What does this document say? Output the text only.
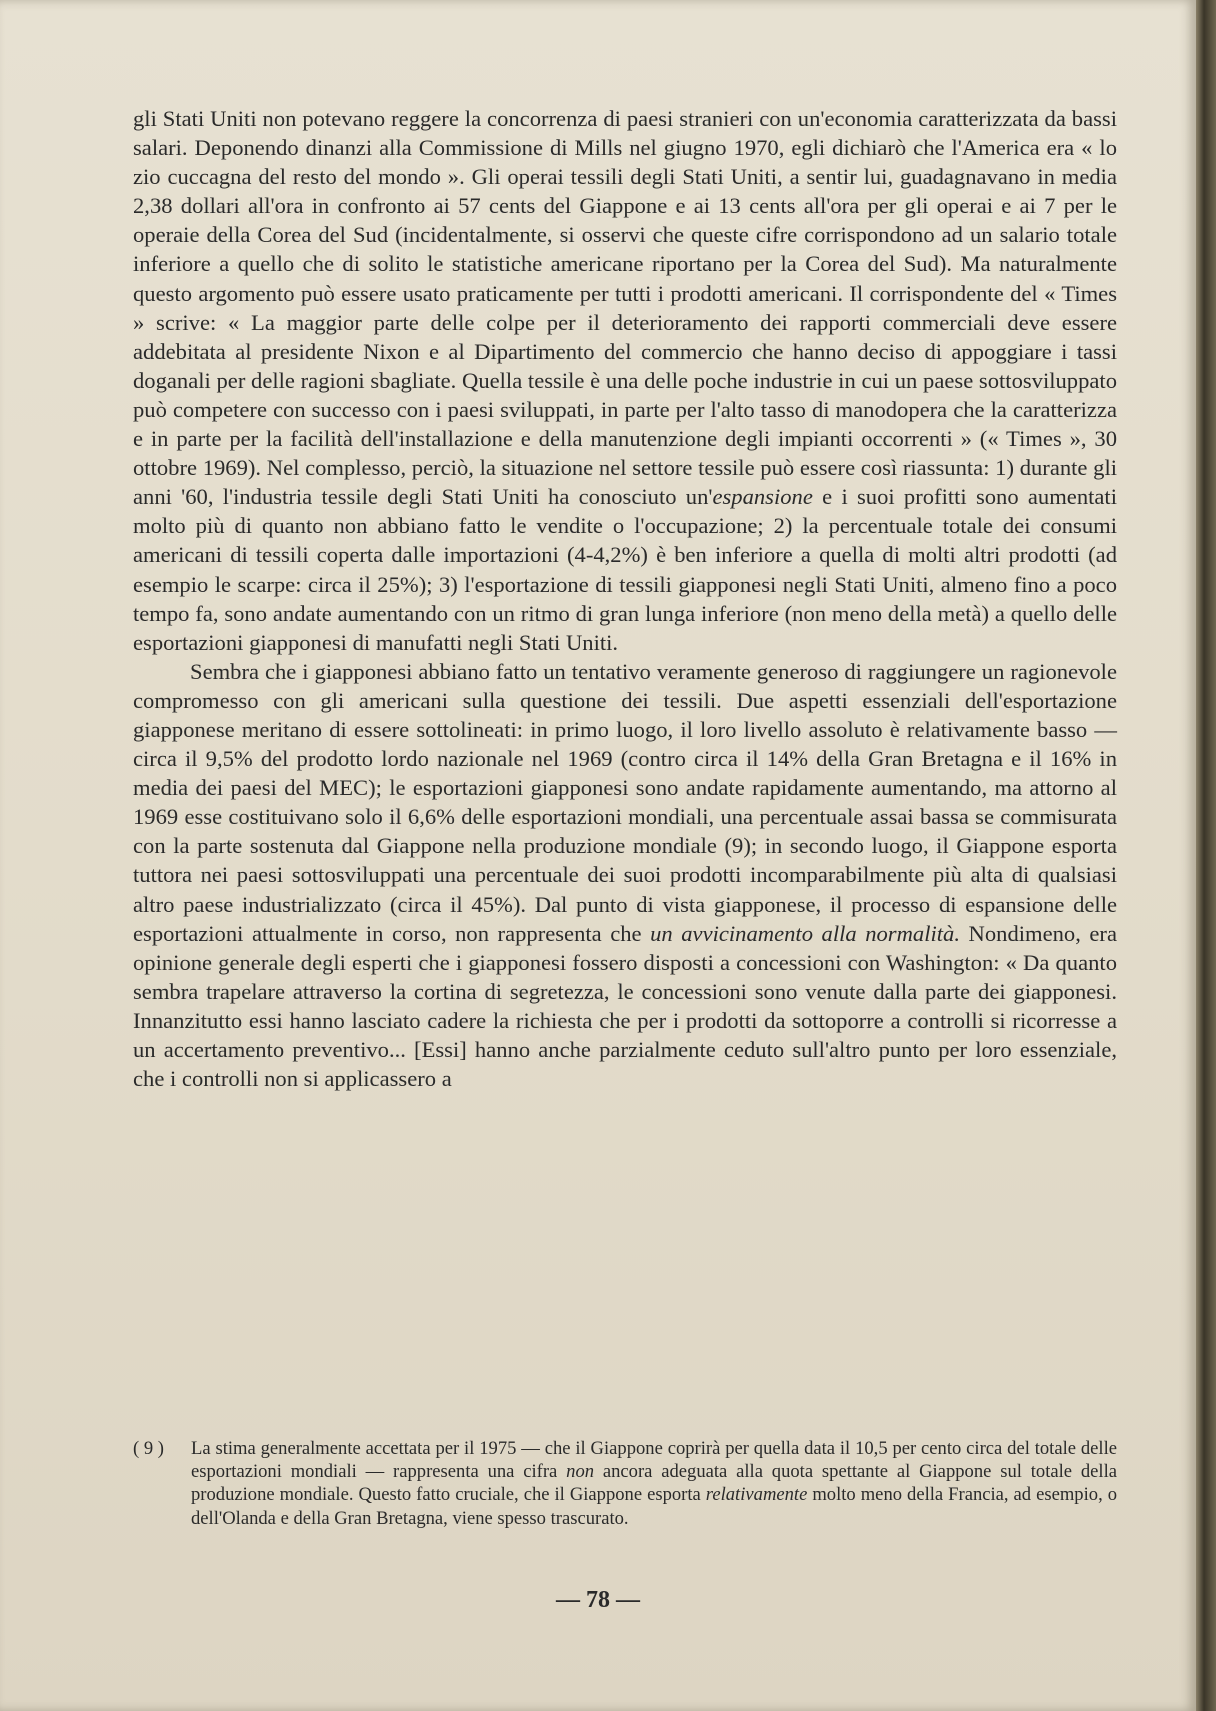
gli Stati Uniti non potevano reggere la concorrenza di paesi stranieri con un'economia caratterizzata da bassi salari. Deponendo dinanzi alla Commissione di Mills nel giugno 1970, egli dichiarò che l'America era « lo zio cuccagna del resto del mondo ». Gli operai tessili degli Stati Uniti, a sentir lui, guadagnavano in media 2,38 dollari all'ora in confronto ai 57 cents del Giappone e ai 13 cents all'ora per gli operai e ai 7 per le operaie della Corea del Sud (incidentalmente, si osservi che queste cifre corrispondono ad un salario totale inferiore a quello che di solito le statistiche americane riportano per la Corea del Sud). Ma naturalmente questo argomento può essere usato praticamente per tutti i prodotti americani. Il corrispondente del « Times » scrive: « La maggior parte delle colpe per il deterioramento dei rapporti commerciali deve essere addebitata al presidente Nixon e al Dipartimento del commercio che hanno deciso di appoggiare i tassi doganali per delle ragioni sbagliate. Quella tessile è una delle poche industrie in cui un paese sottosviluppato può competere con successo con i paesi sviluppati, in parte per l'alto tasso di manodopera che la caratterizza e in parte per la facilità dell'installazione e della manutenzione degli impianti occorrenti » (« Times », 30 ottobre 1969). Nel complesso, perciò, la situazione nel settore tessile può essere così riassunta: 1) durante gli anni '60, l'industria tessile degli Stati Uniti ha conosciuto un'espansione e i suoi profitti sono aumentati molto più di quanto non abbiano fatto le vendite o l'occupazione; 2) la percentuale totale dei consumi americani di tessili coperta dalle importazioni (4-4,2%) è ben inferiore a quella di molti altri prodotti (ad esempio le scarpe: circa il 25%); 3) l'esportazione di tessili giapponesi negli Stati Uniti, almeno fino a poco tempo fa, sono andate aumentando con un ritmo di gran lunga inferiore (non meno della metà) a quello delle esportazioni giapponesi di manufatti negli Stati Uniti.

Sembra che i giapponesi abbiano fatto un tentativo veramente generoso di raggiungere un ragionevole compromesso con gli americani sulla questione dei tessili. Due aspetti essenziali dell'esportazione giapponese meritano di essere sottolineati: in primo luogo, il loro livello assoluto è relativamente basso — circa il 9,5% del prodotto lordo nazionale nel 1969 (contro circa il 14% della Gran Bretagna e il 16% in media dei paesi del MEC); le esportazioni giapponesi sono andate rapidamente aumentando, ma attorno al 1969 esse costituivano solo il 6,6% delle esportazioni mondiali, una percentuale assai bassa se commisurata con la parte sostenuta dal Giappone nella produzione mondiale (9); in secondo luogo, il Giappone esporta tuttora nei paesi sottosviluppati una percentuale dei suoi prodotti incomparabilmente più alta di qualsiasi altro paese industrializzato (circa il 45%). Dal punto di vista giapponese, il processo di espansione delle esportazioni attualmente in corso, non rappresenta che un avvicinamento alla normalità. Nondimeno, era opinione generale degli esperti che i giapponesi fossero disposti a concessioni con Washington: « Da quanto sembra trapelare attraverso la cortina di segretezza, le concessioni sono venute dalla parte dei giapponesi. Innanzitutto essi hanno lasciato cadere la richiesta che per i prodotti da sottoporre a controlli si ricorresse a un accertamento preventivo... [Essi] hanno anche parzialmente ceduto sull'altro punto per loro essenziale, che i controlli non si applicassero a

( 9 )	La stima generalmente accettata per il 1975 — che il Giappone coprirà per quella data il 10,5 per cento circa del totale delle esportazioni mondiali — rappresenta una cifra non ancora adeguata alla quota spettante al Giappone sul totale della produzione mondiale. Questo fatto cruciale, che il Giappone esporta relativamente molto meno della Francia, ad esempio, o dell'Olanda e della Gran Bretagna, viene spesso trascurato.
— 78 —
